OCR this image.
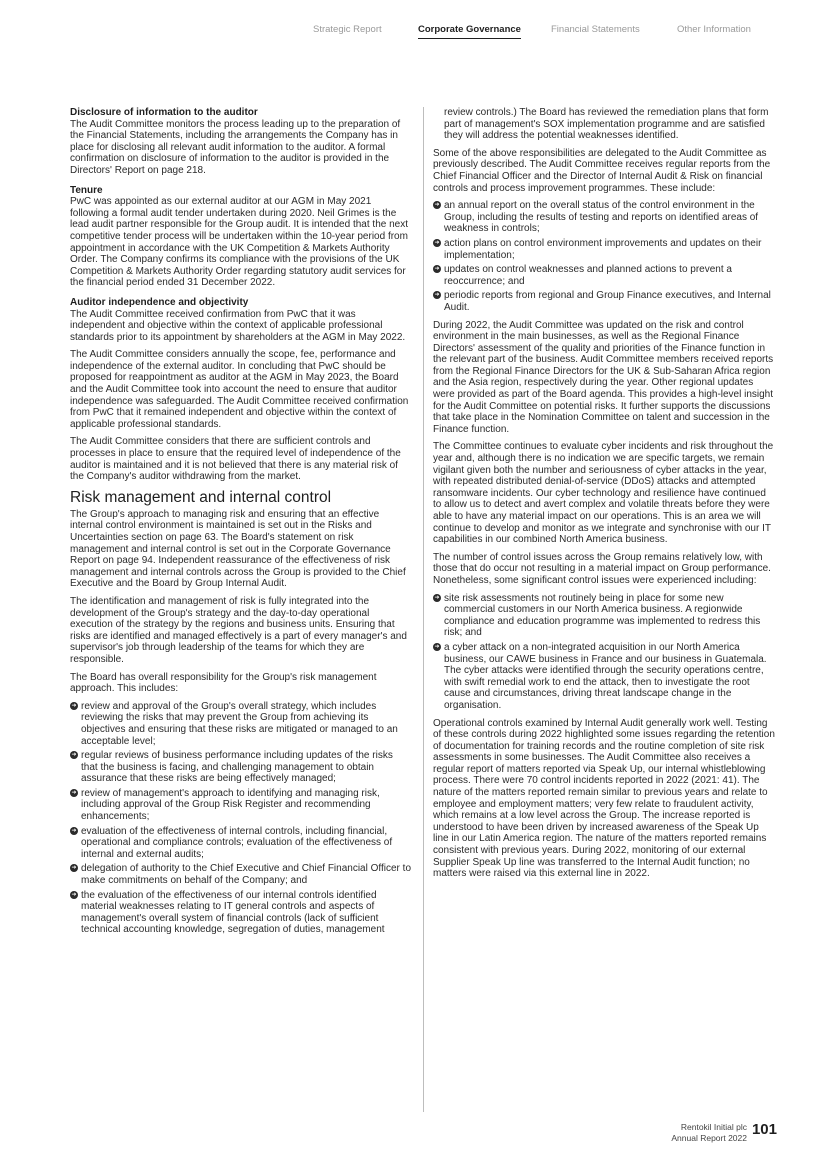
Strategic Report	Corporate Governance	Financial Statements	Other Information
Disclosure of information to the auditor

The Audit Committee monitors the process leading up to the preparation of the Financial Statements, including the arrangements the Company has in place for disclosing all relevant audit information to the auditor. A formal confirmation on disclosure of information to the auditor is provided in the Directors' Report on page 218.

Tenure

PwC was appointed as our external auditor at our AGM in May 2021 following a formal audit tender undertaken during 2020. Neil Grimes is the lead audit partner responsible for the Group audit. It is intended that the next competitive tender process will be undertaken within the 10-year period from appointment in accordance with the UK Competition & Markets Authority Order. The Company confirms its compliance with the provisions of the UK Competition & Markets Authority Order regarding statutory audit services for the financial period ended 31 December 2022.

Auditor independence and objectivity

The Audit Committee received confirmation from PwC that it was independent and objective within the context of applicable professional standards prior to its appointment by shareholders at the AGM in May 2022.

The Audit Committee considers annually the scope, fee, performance and independence of the external auditor. In concluding that PwC should be proposed for reappointment as auditor at the AGM in May 2023, the Board and the Audit Committee took into account the need to ensure that auditor independence was safeguarded. The Audit Committee received confirmation from PwC that it remained independent and objective within the context of applicable professional standards.

The Audit Committee considers that there are sufficient controls and processes in place to ensure that the required level of independence of the auditor is maintained and it is not believed that there is any material risk of the Company's auditor withdrawing from the market.

Risk management and internal control

The Group's approach to managing risk and ensuring that an effective internal control environment is maintained is set out in the Risks and Uncertainties section on page 63. The Board's statement on risk management and internal control is set out in the Corporate Governance Report on page 94. Independent reassurance of the effectiveness of risk management and internal controls across the Group is provided to the Chief Executive and the Board by Group Internal Audit.

The identification and management of risk is fully integrated into the development of the Group's strategy and the day-to-day operational execution of the strategy by the regions and business units. Ensuring that risks are identified and managed effectively is a part of every manager's and supervisor's job through leadership of the teams for which they are responsible.

The Board has overall responsibility for the Group's risk management approach. This includes:

➜ review and approval of the Group's overall strategy, which includes reviewing the risks that may prevent the Group from achieving its objectives and ensuring that these risks are mitigated or managed to an acceptable level;
➜ regular reviews of business performance including updates of the risks that the business is facing, and challenging management to obtain assurance that these risks are being effectively managed;
➜ review of management's approach to identifying and managing risk, including approval of the Group Risk Register and recommending enhancements;
➜ evaluation of the effectiveness of internal controls, including financial, operational and compliance controls; evaluation of the effectiveness of internal and external audits;
➜ delegation of authority to the Chief Executive and Chief Financial Officer to make commitments on behalf of the Company; and
➜ the evaluation of the effectiveness of our internal controls identified material weaknesses relating to IT general controls and aspects of management's overall system of financial controls (lack of sufficient technical accounting knowledge, segregation of duties, management

review controls.) The Board has reviewed the remediation plans that form part of management's SOX implementation programme and are satisfied they will address the potential weaknesses identified.

Some of the above responsibilities are delegated to the Audit Committee as previously described. The Audit Committee receives regular reports from the Chief Financial Officer and the Director of Internal Audit & Risk on financial controls and process improvement programmes. These include:

➜ an annual report on the overall status of the control environment in the Group, including the results of testing and reports on identified areas of weakness in controls;
➜ action plans on control environment improvements and updates on their implementation;
➜ updates on control weaknesses and planned actions to prevent a reoccurrence; and
➜ periodic reports from regional and Group Finance executives, and Internal Audit.

During 2022, the Audit Committee was updated on the risk and control environment in the main businesses, as well as the Regional Finance Directors' assessment of the quality and priorities of the Finance function in the relevant part of the business. Audit Committee members received reports from the Regional Finance Directors for the UK & Sub-Saharan Africa region and the Asia region, respectively during the year. Other regional updates were provided as part of the Board agenda. This provides a high-level insight for the Audit Committee on potential risks. It further supports the discussions that take place in the Nomination Committee on talent and succession in the Finance function.

The Committee continues to evaluate cyber incidents and risk throughout the year and, although there is no indication we are specific targets, we remain vigilant given both the number and seriousness of cyber attacks in the year, with repeated distributed denial-of-service (DDoS) attacks and attempted ransomware incidents. Our cyber technology and resilience have continued to allow us to detect and avert complex and volatile threats before they were able to have any material impact on our operations. This is an area we will continue to develop and monitor as we integrate and synchronise with our IT capabilities in our combined North America business.

The number of control issues across the Group remains relatively low, with those that do occur not resulting in a material impact on Group performance. Nonetheless, some significant control issues were experienced including:

➜ site risk assessments not routinely being in place for some new commercial customers in our North America business. A regionwide compliance and education programme was implemented to redress this risk; and
➜ a cyber attack on a non-integrated acquisition in our North America business, our CAWE business in France and our business in Guatemala. The cyber attacks were identified through the security operations centre, with swift remedial work to end the attack, then to investigate the root cause and circumstances, driving threat landscape change in the organisation.

Operational controls examined by Internal Audit generally work well. Testing of these controls during 2022 highlighted some issues regarding the retention of documentation for training records and the routine completion of site risk assessments in some businesses. The Audit Committee also receives a regular report of matters reported via Speak Up, our internal whistleblowing process. There were 70 control incidents reported in 2022 (2021: 41). The nature of the matters reported remain similar to previous years and relate to employee and employment matters; very few relate to fraudulent activity, which remains at a low level across the Group. The increase reported is understood to have been driven by increased awareness of the Speak Up line in our Latin America region. The nature of the matters reported remains consistent with previous years. During 2022, monitoring of our external Supplier Speak Up line was transferred to the Internal Audit function; no matters were raised via this external line in 2022.

Rentokil Initial plc
Annual Report 2022 101
